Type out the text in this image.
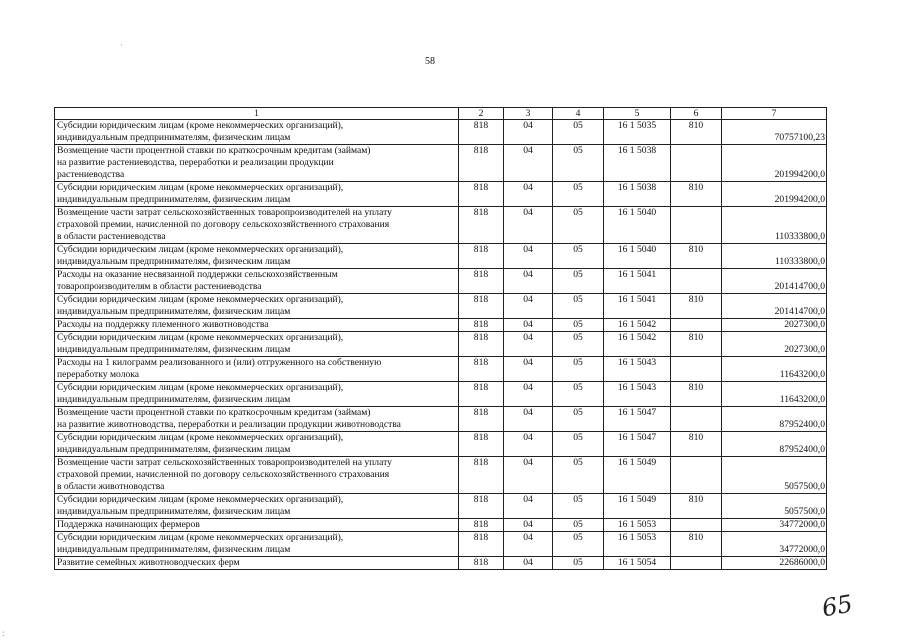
58
·
:
1	2	3	4	5	6	7
Субсидии юридическим лицам (кроме некоммерческих организаций),
индивидуальным предпринимателям, физическим лицам	818	04	05	16 1 5035	810	70757100,23
Возмещение части процентной ставки по краткосрочным кредитам (займам)
на развитие растениеводства, переработки и реализации продукции
растениеводства	818	04	05	16 1 5038		201994200,0
Субсидии юридическим лицам (кроме некоммерческих организаций),
индивидуальным предпринимателям, физическим лицам	818	04	05	16 1 5038	810	201994200,0
Возмещение части затрат сельскохозяйственных товаропроизводителей на уплату
страховой премии, начисленной по договору сельскохозяйственного страхования
в области растениеводства	818	04	05	16 1 5040		110333800,0
Субсидии юридическим лицам (кроме некоммерческих организаций),
индивидуальным предпринимателям, физическим лицам	818	04	05	16 1 5040	810	110333800,0
Расходы на оказание несвязанной поддержки сельскохозяйственным
товаропроизводителям в области растениеводства	818	04	05	16 1 5041		201414700,0
Субсидии юридическим лицам (кроме некоммерческих организаций),
индивидуальным предпринимателям, физическим лицам	818	04	05	16 1 5041	810	201414700,0
Расходы на поддержку племенного животноводства	818	04	05	16 1 5042		2027300,0
Субсидии юридическим лицам (кроме некоммерческих организаций),
индивидуальным предпринимателям, физическим лицам	818	04	05	16 1 5042	810	2027300,0
Расходы на 1 килограмм реализованного и (или) отгруженного на собственную
переработку молока	818	04	05	16 1 5043		11643200,0
Субсидии юридическим лицам (кроме некоммерческих организаций),
индивидуальным предпринимателям, физическим лицам	818	04	05	16 1 5043	810	11643200,0
Возмещение части процентной ставки по краткосрочным кредитам (займам)
на развитие животноводства, переработки и реализации продукции животноводства	818	04	05	16 1 5047		87952400,0
Субсидии юридическим лицам (кроме некоммерческих организаций),
индивидуальным предпринимателям, физическим лицам	818	04	05	16 1 5047	810	87952400,0
Возмещение части затрат сельскохозяйственных товаропроизводителей на уплату
страховой премии, начисленной по договору сельскохозяйственного страхования
в области животноводства	818	04	05	16 1 5049		5057500,0
Субсидии юридическим лицам (кроме некоммерческих организаций),
индивидуальным предпринимателям, физическим лицам	818	04	05	16 1 5049	810	5057500,0
Поддержка начинающих фермеров	818	04	05	16 1 5053		34772000,0
Субсидии юридическим лицам (кроме некоммерческих организаций),
индивидуальным предпринимателям, физическим лицам	818	04	05	16 1 5053	810	34772000,0
Развитие семейных животноводческих ферм	818	04	05	16 1 5054		22686000,0
65
